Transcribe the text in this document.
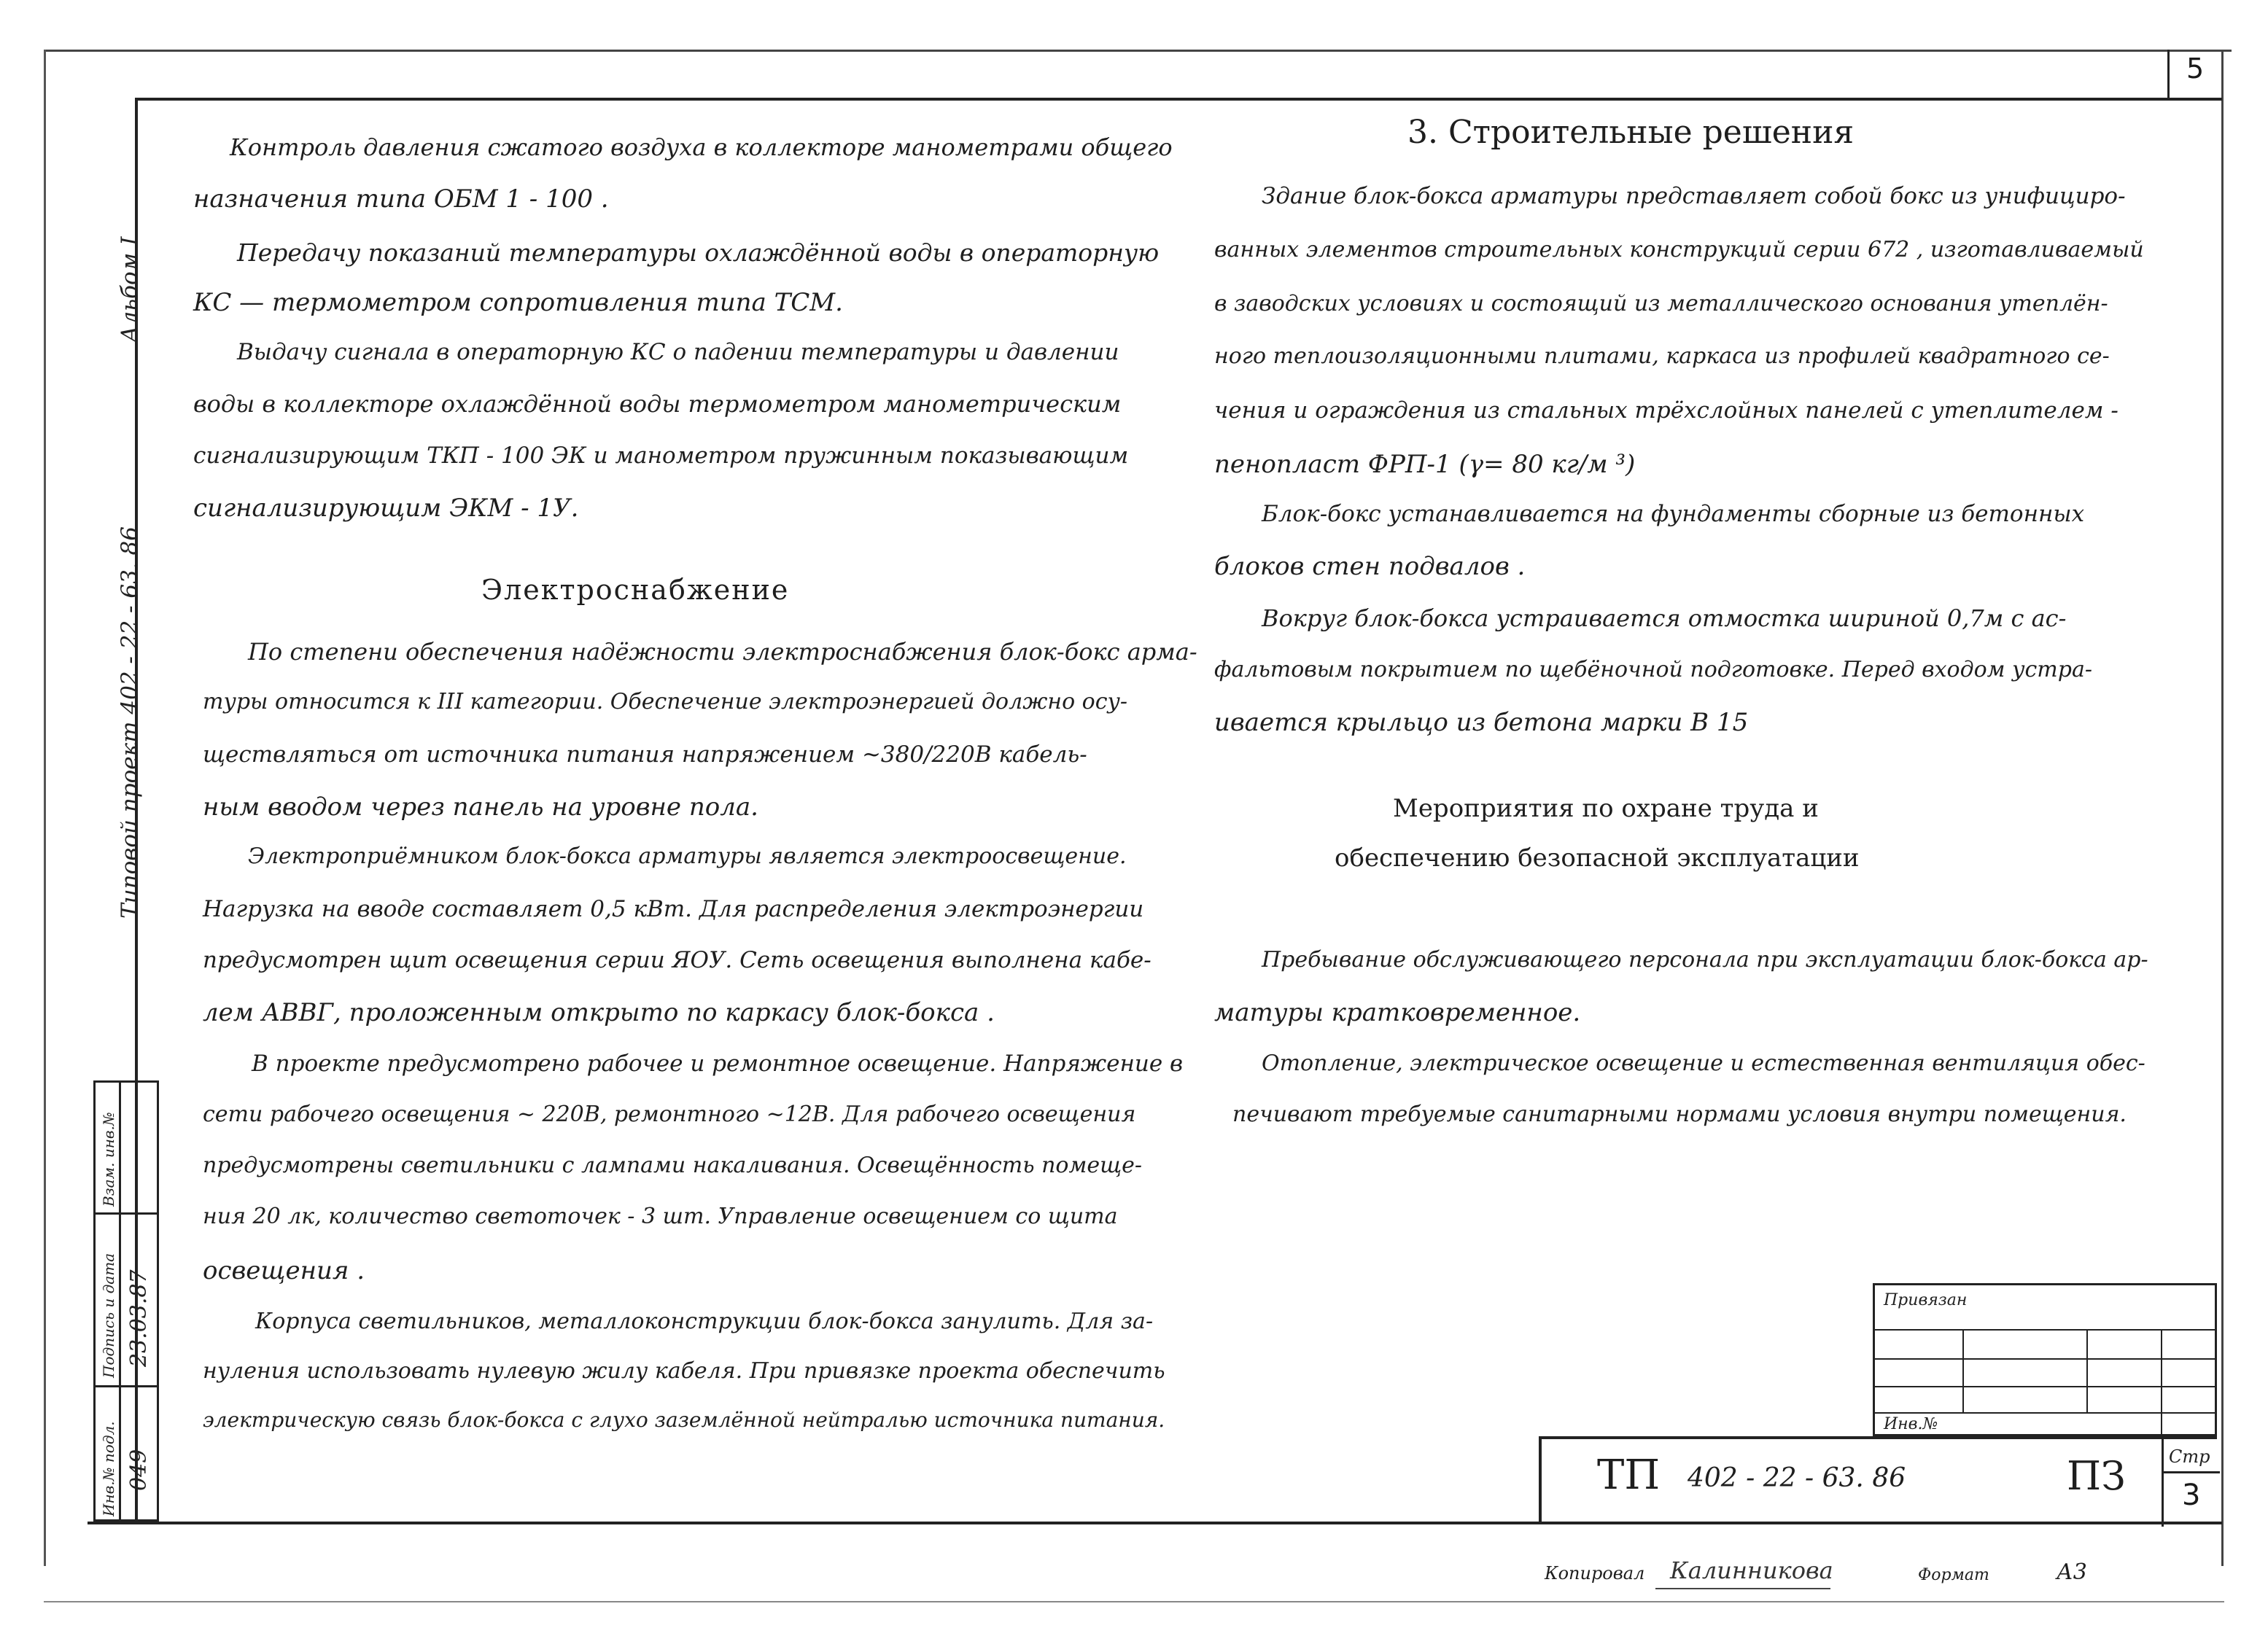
5
Альбом I
Типовой проект 402 - 22 - 63. 86
Взам. инв.№
Подпись и дата 23.03.87
Инв.№ подл. 049
Контроль давления сжатого воздуха в коллекторе манометрами общего
назначения типа ОБМ 1 - 100 .
Передачу показаний температуры охлаждённой воды в операторную
КС — термометром сопротивления типа ТСМ.
Выдачу сигнала в операторную КС о падении температуры и давлении
воды в коллекторе охлаждённой воды термометром манометрическим
сигнализирующим ТКП - 100 ЭК и манометром пружинным показывающим
сигнализирующим ЭКМ - 1У.
Электроснабжение
По степени обеспечения надёжности электроснабжения блок-бокс арма-
туры относится к III категории. Обеспечение электроэнергией должно осу-
ществляться от источника питания напряжением ~380/220В кабель-
ным вводом через панель на уровне пола.
Электроприёмником блок-бокса арматуры является электроосвещение.
Нагрузка на вводе составляет 0,5 кВт. Для распределения электроэнергии
предусмотрен щит освещения серии ЯОУ. Сеть освещения выполнена кабе-
лем АВВГ, проложенным открыто по каркасу блок-бокса .
В проекте предусмотрено рабочее и ремонтное освещение. Напряжение в
сети рабочего освещения ~ 220В, ремонтного ~12В. Для рабочего освещения
предусмотрены светильники с лампами накаливания. Освещённость помеще-
ния 20 лк, количество светоточек - 3 шт. Управление освещением со щита
освещения .
Корпуса светильников, металлоконструкции блок-бокса занулить. Для за-
нуления использовать нулевую жилу кабеля. При привязке проекта обеспечить
электрическую связь блок-бокса с глухо заземлённой нейтралью источника питания.
3. Строительные решения
Здание блок-бокса арматуры представляет собой бокс из унифициро-
ванных элементов строительных конструкций серии 672 , изготавливаемый
в заводских условиях и состоящий из металлического основания утеплён-
ного теплоизоляционными плитами, каркаса из профилей квадратного се-
чения и ограждения из стальных трёхслойных панелей с утеплителем -
пенопласт ФРП-1 (γ= 80 кг/м ³)
Блок-бокс устанавливается на фундаменты сборные из бетонных
блоков стен подвалов .
Вокруг блок-бокса устраивается отмостка шириной 0,7м с ас-
фальтовым покрытием по щебёночной подготовке. Перед входом устра-
ивается крыльцо из бетона марки В 15
Мероприятия по охране труда и
обеспечению безопасной эксплуатации
Пребывание обслуживающего персонала при эксплуатации блок-бокса ар-
матуры кратковременное.
Отопление, электрическое освещение и естественная вентиляция обес-
печивают требуемые санитарными нормами условия внутри помещения.
Привязан
Инв.№
ТП 402 - 22 - 63. 86	ПЗ Стр
3
Копировал Калинникова	Формат	А3
